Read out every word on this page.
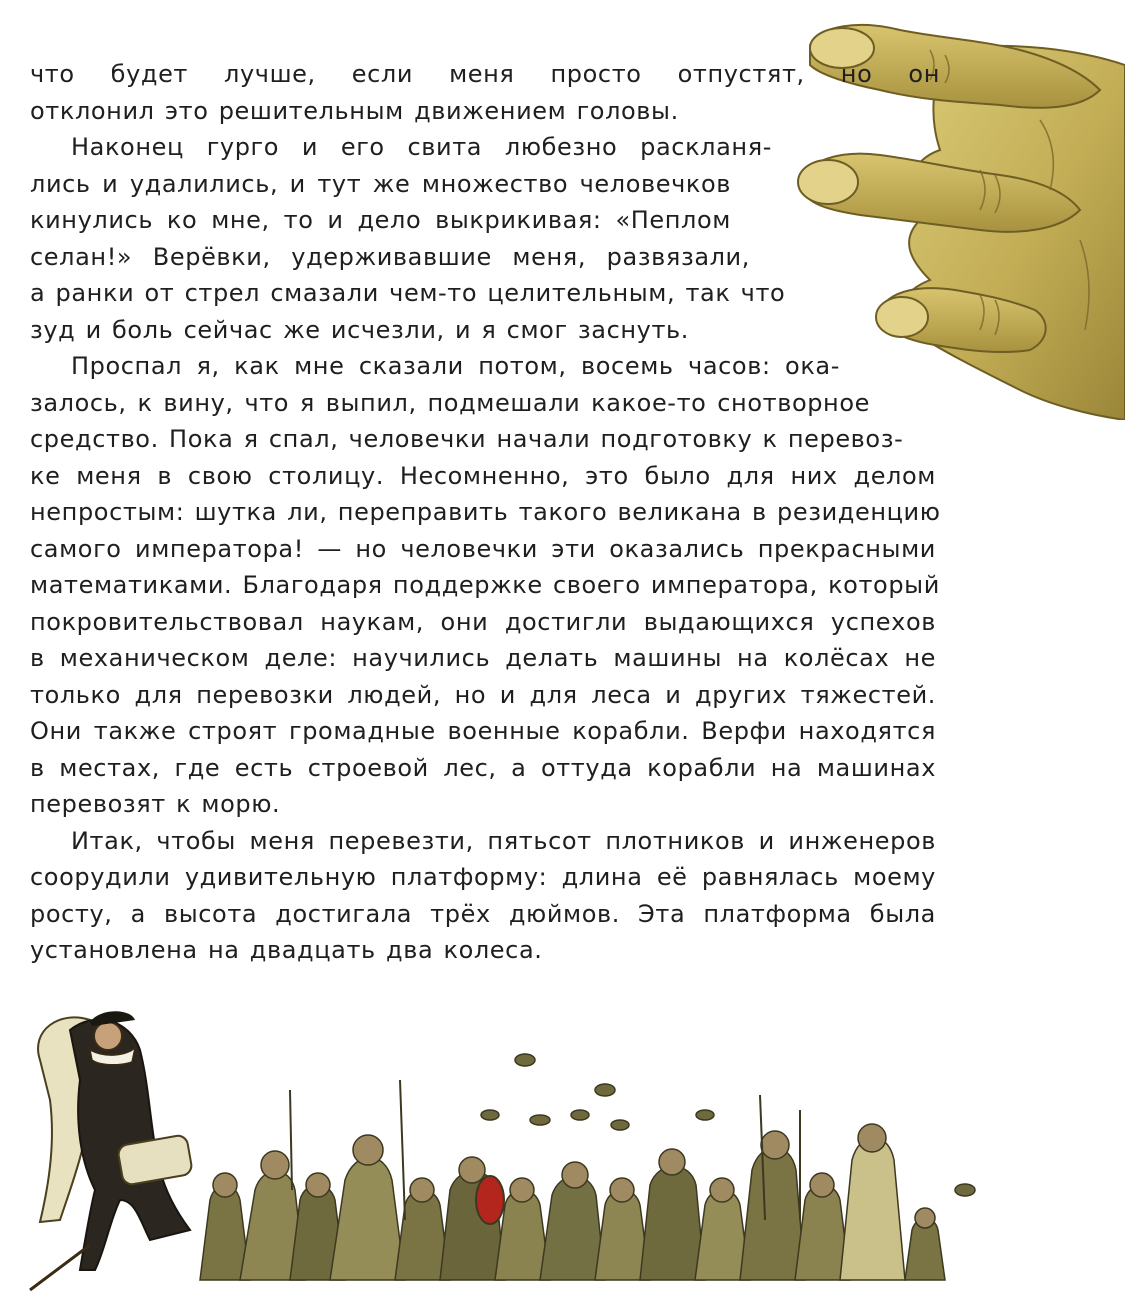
что будет лучше, если меня просто отпустят, но он
отклонил это решительным движением головы.
Наконец гурго и его свита любезно раскланя-
лись и удалились, и тут же множество человечков
кинулись ко мне, то и дело выкрикивая: «Пеплом
селан!» Верёвки, удерживавшие меня, развязали,
а ранки от стрел смазали чем-то целительным, так что
зуд и боль сейчас же исчезли, и я смог заснуть.
Проспал я, как мне сказали потом, восемь часов: ока-
залось, к вину, что я выпил, подмешали какое-то снотворное
средство. Пока я спал, человечки начали подготовку к перевоз-
ке меня в свою столицу. Несомненно, это было для них делом
непростым: шутка ли, переправить такого великана в резиденцию
самого императора! — но человечки эти оказались прекрасными
математиками. Благодаря поддержке своего императора, который
покровительствовал наукам, они достигли выдающихся успехов
в механическом деле: научились делать машины на колёсах не
только для перевозки людей, но и для леса и других тяжестей.
Они также строят громадные военные корабли. Верфи находятся
в местах, где есть строевой лес, а оттуда корабли на машинах
перевозят к морю.
Итак, чтобы меня перевезти, пятьсот плотников и инженеров
соорудили удивительную платформу: длина её равнялась моему
росту, а высота достигала трёх дюймов. Эта платформа была
установлена на двадцать два колеса.
